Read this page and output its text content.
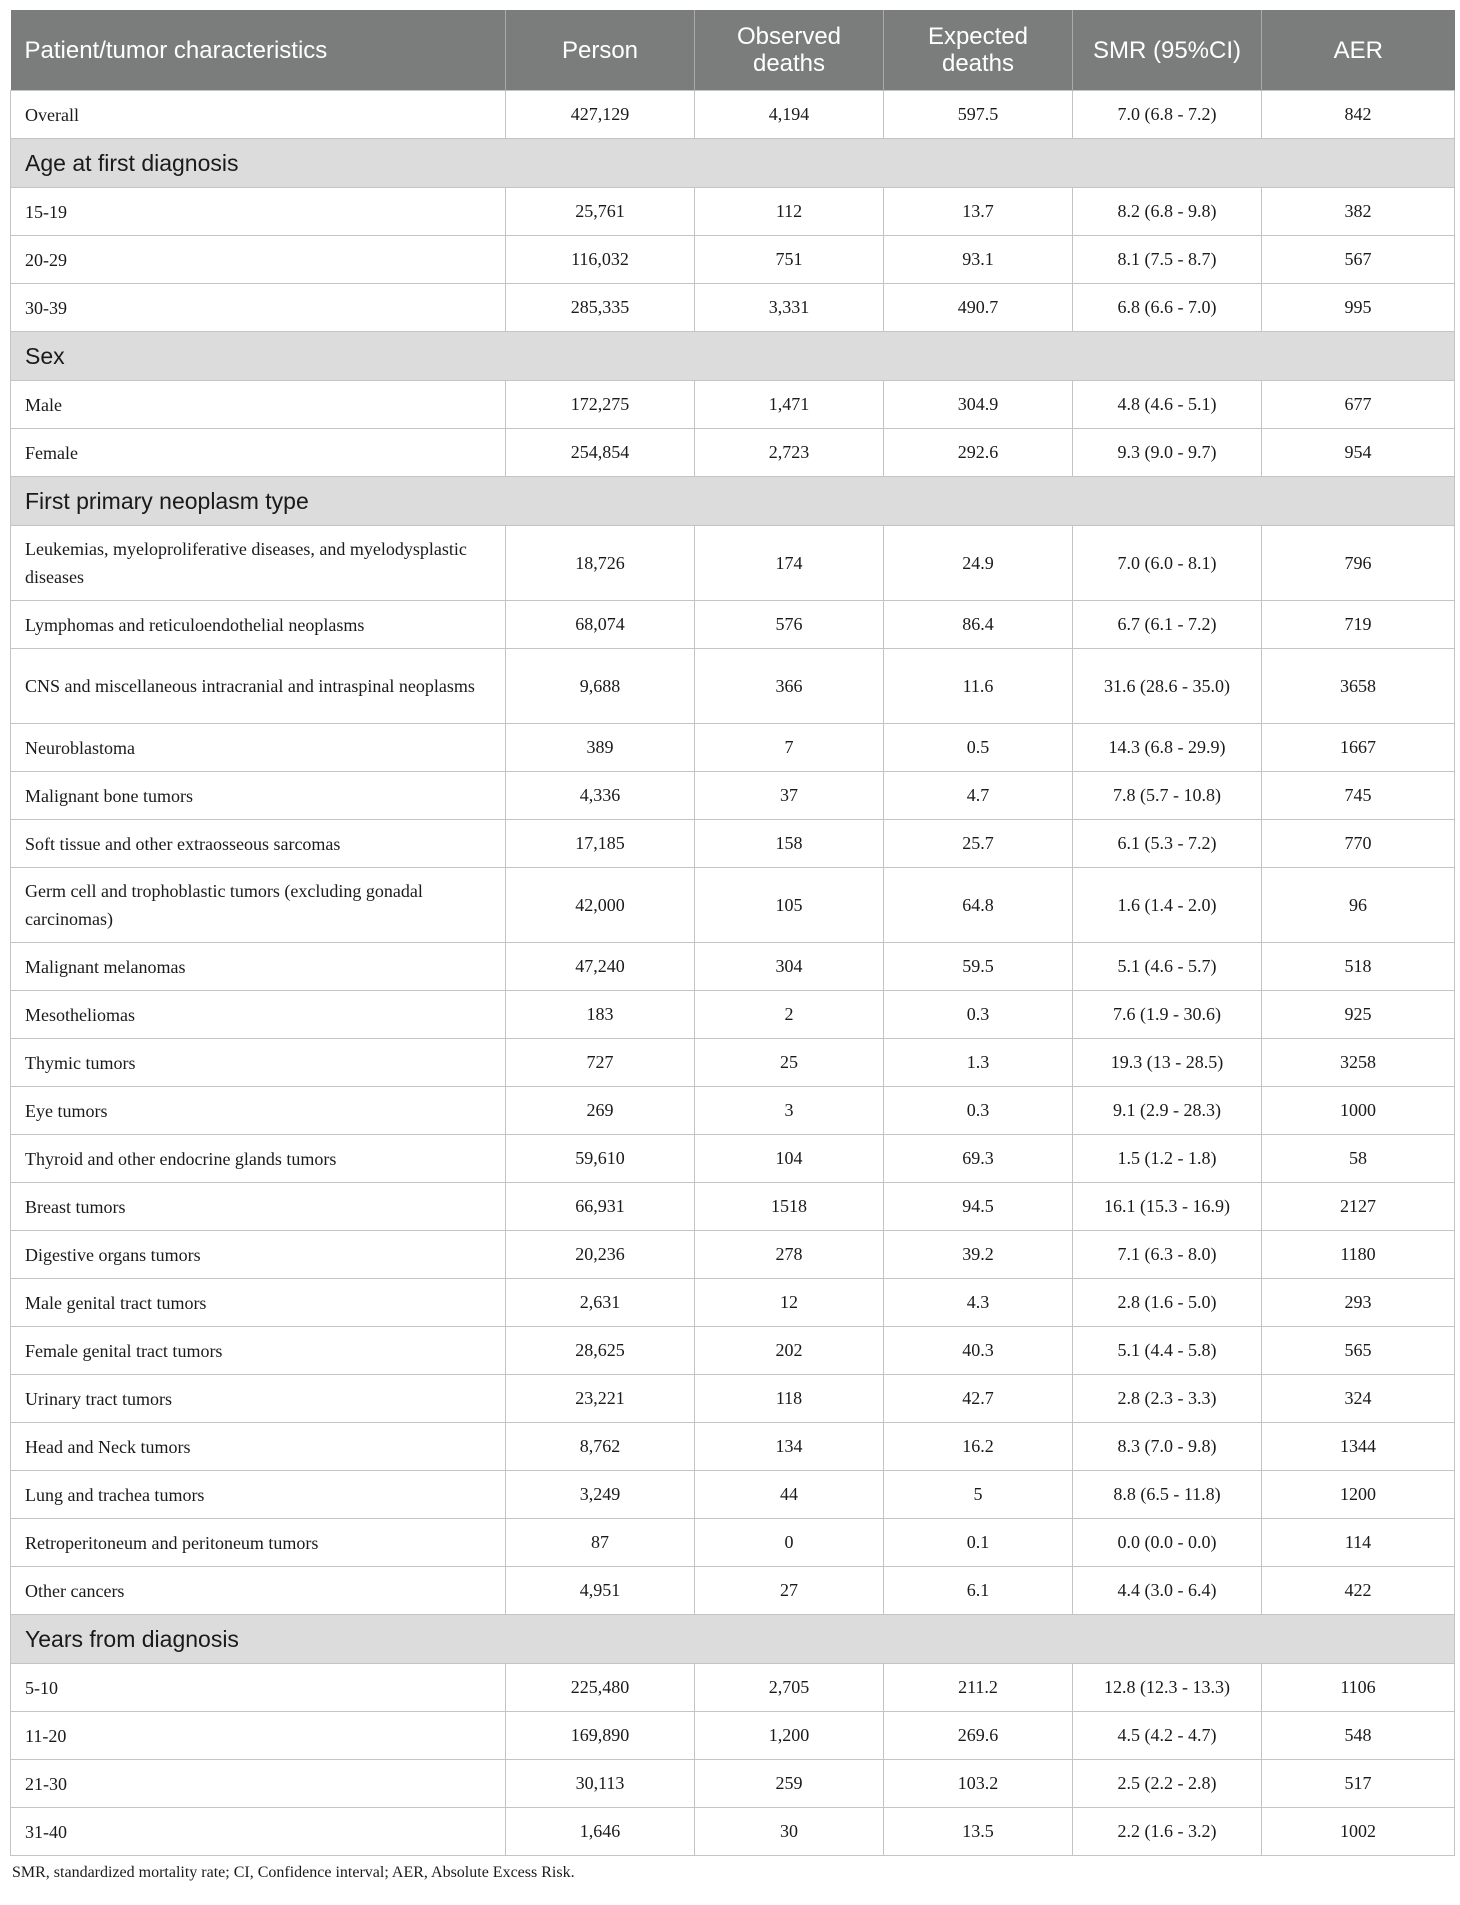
Patient/tumor characteristics	Person	Observed deaths	Expected deaths	SMR (95%CI)	AER
Overall	427,129	4,194	597.5	7.0 (6.8 - 7.2)	842
Age at first diagnosis					
15-19	25,761	112	13.7	8.2 (6.8 - 9.8)	382
20-29	116,032	751	93.1	8.1 (7.5 - 8.7)	567
30-39	285,335	3,331	490.7	6.8 (6.6 - 7.0)	995
Sex					
Male	172,275	1,471	304.9	4.8 (4.6 - 5.1)	677
Female	254,854	2,723	292.6	9.3 (9.0 - 9.7)	954
First primary neoplasm type					
Leukemias, myeloproliferative diseases, and myelodysplastic diseases	18,726	174	24.9	7.0 (6.0 - 8.1)	796
Lymphomas and reticuloendothelial neoplasms	68,074	576	86.4	6.7 (6.1 - 7.2)	719
CNS and miscellaneous intracranial and intraspinal neoplasms	9,688	366	11.6	31.6 (28.6 - 35.0)	3658
Neuroblastoma	389	7	0.5	14.3 (6.8 - 29.9)	1667
Malignant bone tumors	4,336	37	4.7	7.8 (5.7 - 10.8)	745
Soft tissue and other extraosseous sarcomas	17,185	158	25.7	6.1 (5.3 - 7.2)	770
Germ cell and trophoblastic tumors (excluding gonadal carcinomas)	42,000	105	64.8	1.6 (1.4 - 2.0)	96
Malignant melanomas	47,240	304	59.5	5.1 (4.6 - 5.7)	518
Mesotheliomas	183	2	0.3	7.6 (1.9 - 30.6)	925
Thymic tumors	727	25	1.3	19.3 (13 - 28.5)	3258
Eye tumors	269	3	0.3	9.1 (2.9 - 28.3)	1000
Thyroid and other endocrine glands tumors	59,610	104	69.3	1.5 (1.2 - 1.8)	58
Breast tumors	66,931	1518	94.5	16.1 (15.3 - 16.9)	2127
Digestive organs tumors	20,236	278	39.2	7.1 (6.3 - 8.0)	1180
Male genital tract tumors	2,631	12	4.3	2.8 (1.6 - 5.0)	293
Female genital tract tumors	28,625	202	40.3	5.1 (4.4 - 5.8)	565
Urinary tract tumors	23,221	118	42.7	2.8 (2.3 - 3.3)	324
Head and Neck tumors	8,762	134	16.2	8.3 (7.0 - 9.8)	1344
Lung and trachea tumors	3,249	44	5	8.8 (6.5 - 11.8)	1200
Retroperitoneum and peritoneum tumors	87	0	0.1	0.0 (0.0 - 0.0)	114
Other cancers	4,951	27	6.1	4.4 (3.0 - 6.4)	422
Years from diagnosis					
5-10	225,480	2,705	211.2	12.8 (12.3 - 13.3)	1106
11-20	169,890	1,200	269.6	4.5 (4.2 - 4.7)	548
21-30	30,113	259	103.2	2.5 (2.2 - 2.8)	517
31-40	1,646	30	13.5	2.2 (1.6 - 3.2)	1002
SMR, standardized mortality rate; CI, Confidence interval; AER, Absolute Excess Risk.
